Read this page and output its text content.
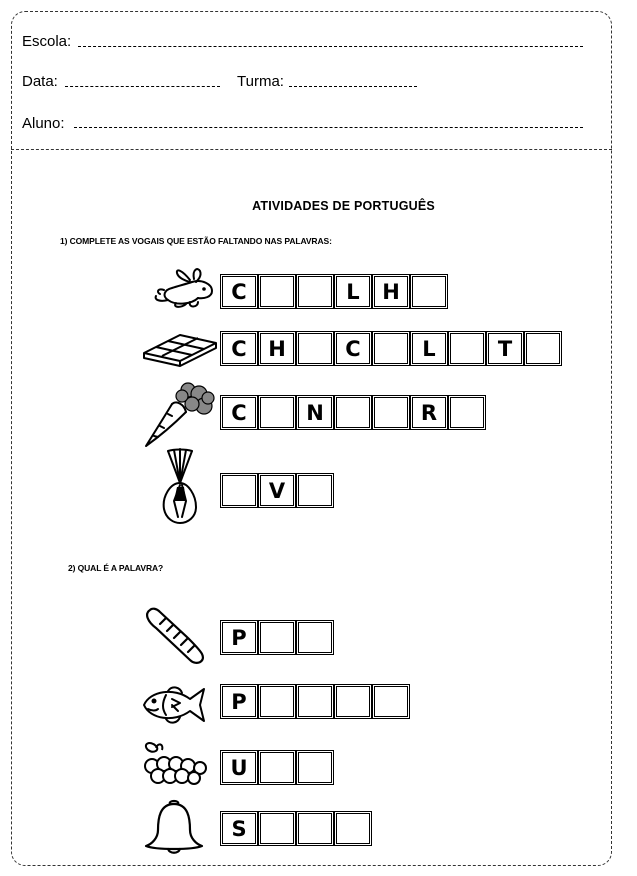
Escola:
Data:	Turma:
Aluno:
ATIVIDADES DE PORTUGUÊS
1) COMPLETE AS VOGAIS QUE ESTÃO FALTANDO NAS PALAVRAS:
2) QUAL É A PALAVRA?
C	L	H
C	H	C	L	T
C	N	R
V
P
P
U
S
